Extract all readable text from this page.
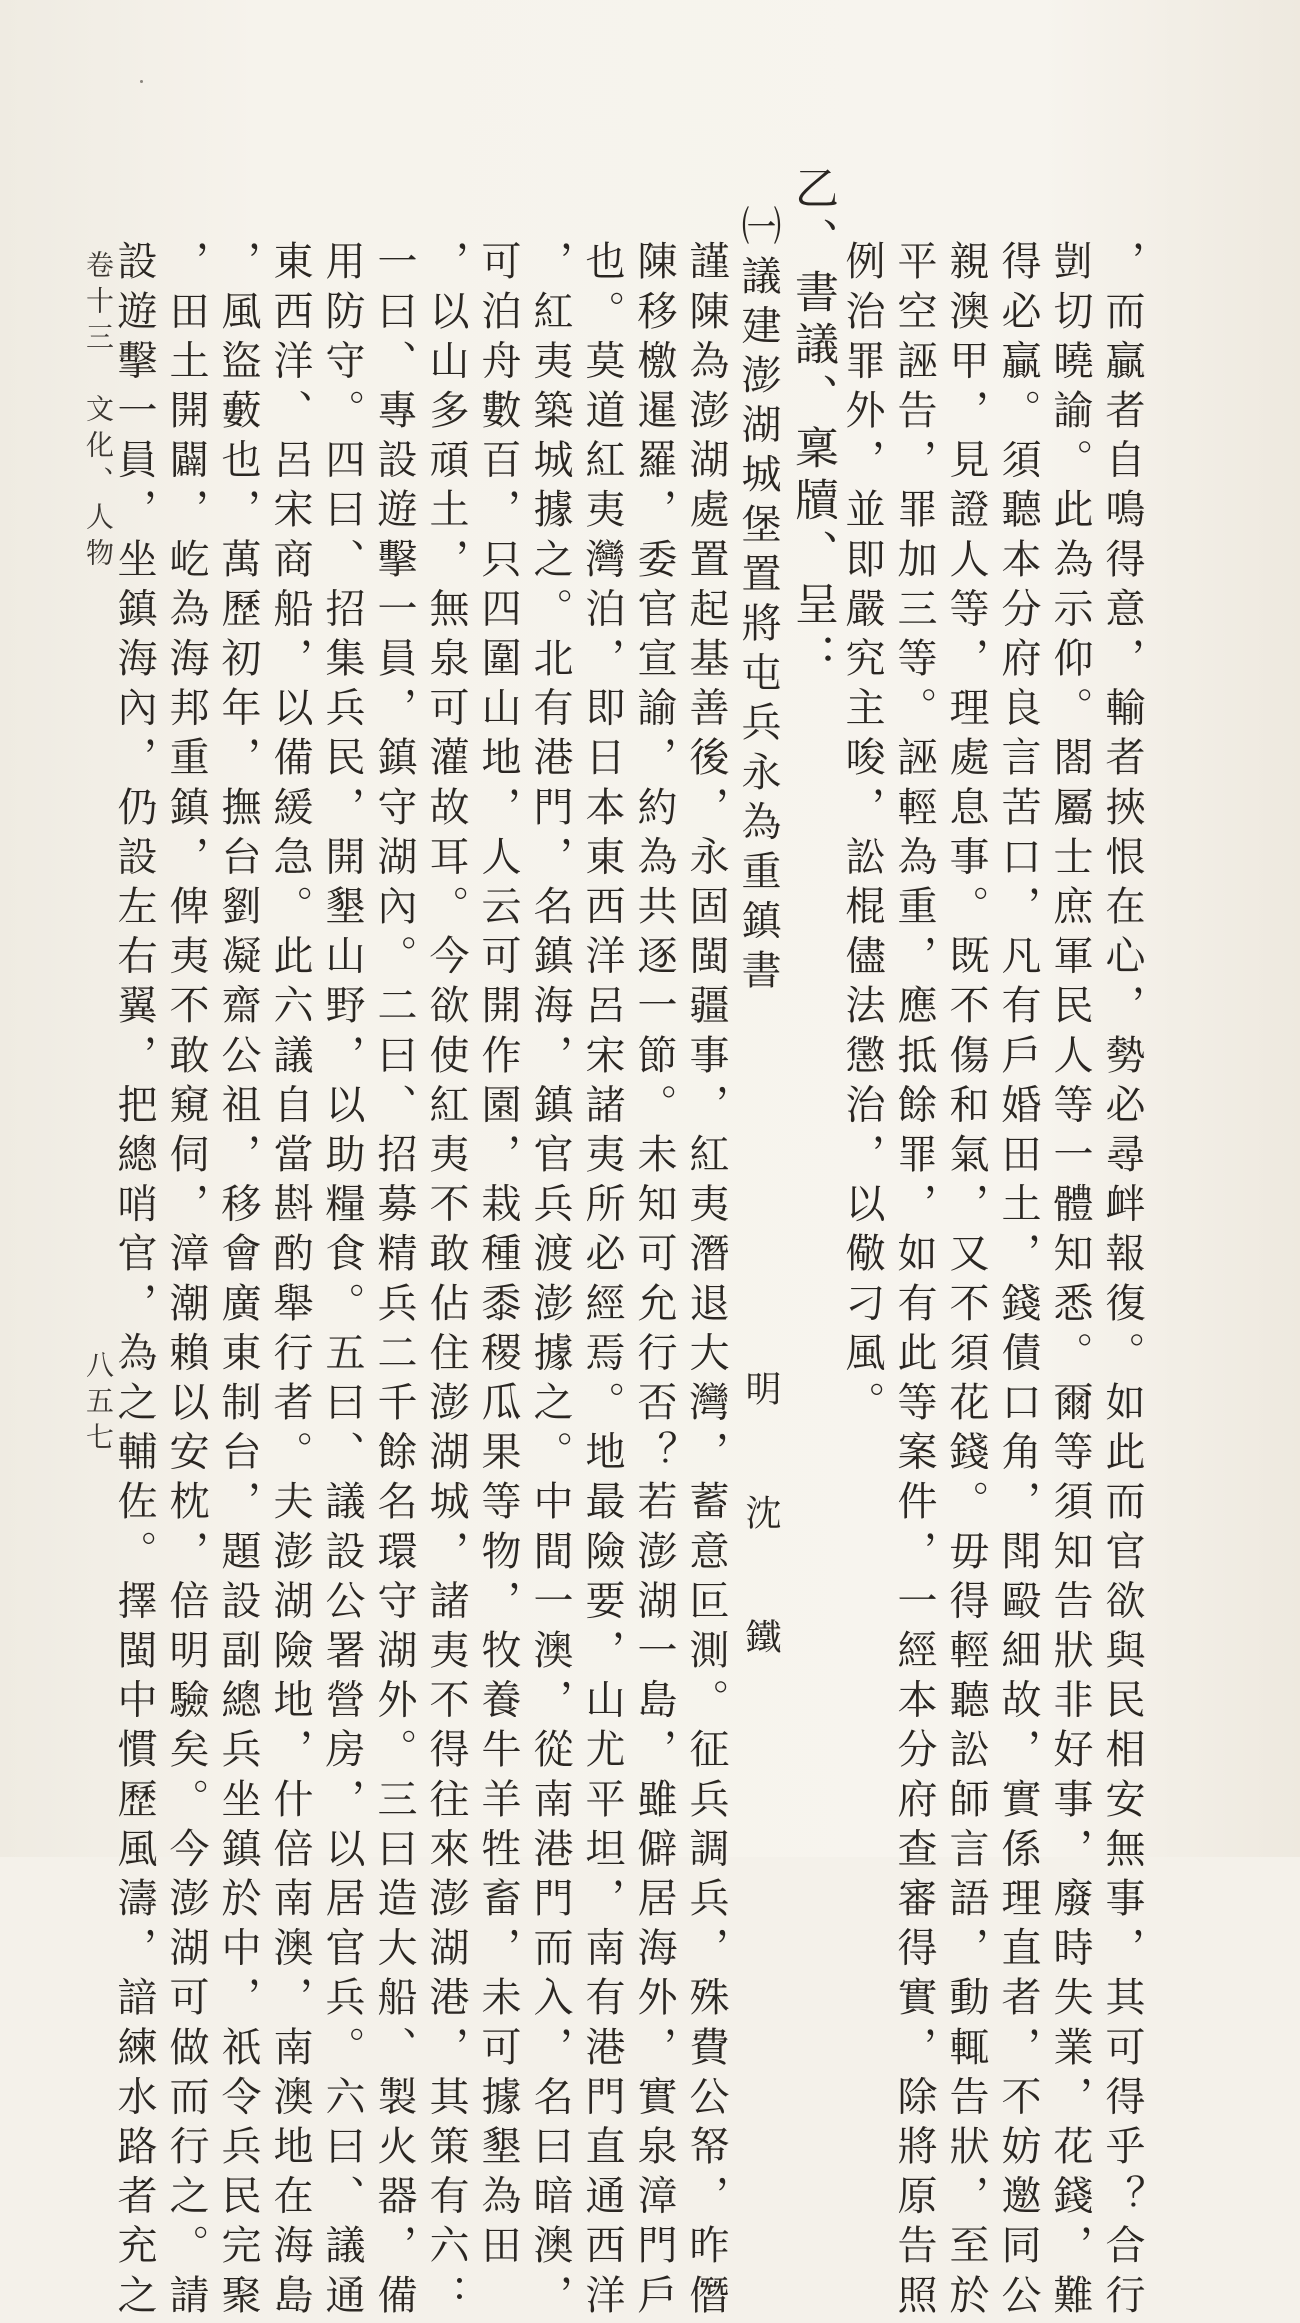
，而贏者自鳴得意，輸者挾恨在心，勢必尋衅報復。如此而官欲與民相安無事，其可得乎？合行
剴切曉諭。此為示仰。閤屬士庶軍民人等一體知悉。爾等須知告狀非好事，廢時失業，花錢，難
得必贏。須聽本分府良言苦口，凡有戶婚田土，錢債口角，閗毆細故，實係理直者，不妨邀同公
親澳甲，見證人等，理處息事。既不傷和氣，又不須花錢。毋得輕聽訟師言語，動輒告狀，至於
平空誣告，罪加三等。誣輕為重，應抵餘罪，如有此等案件，一經本分府查審得實，除將原告照
例治罪外，並即嚴究主唆，訟棍儘法懲治，以儆刁風。
乙、書議、稟牘、呈：
㈠議建澎湖城堡置將屯兵永為重鎮書
明　沈　鐵
謹陳為澎湖處置起基善後，永固閩疆事，紅夷潛退大灣，蓄意叵測。征兵調兵，殊費公帑，昨僭
陳移檄暹羅，委官宣諭，約為共逐一節。未知可允行否？若澎湖一島，雖僻居海外，實泉漳門戶
也。莫道紅夷灣泊，即日本東西洋呂宋諸夷所必經焉。地最險要，山尤平坦，南有港門直通西洋
，紅夷築城據之。北有港門，名鎮海，鎮官兵渡澎據之。中間一澳，從南港門而入，名曰暗澳，
可泊舟數百，只四圍山地，人云可開作園，栽種黍稷瓜果等物，牧養牛羊牲畜，未可據墾為田
，以山多頑土，無泉可灌故耳。今欲使紅夷不敢佔住澎湖城，諸夷不得往來澎湖港，其策有六：
一曰、專設遊擊一員，鎮守湖內。二曰、招募精兵二千餘名環守湖外。三曰造大船、製火器，備
用防守。四曰、招集兵民，開墾山野，以助糧食。五曰、議設公署營房，以居官兵。六曰、議通
東西洋、呂宋商船，以備緩急。此六議自當斟酌舉行者。夫澎湖險地，什倍南澳，南澳地在海島
，風盜藪也，萬歷初年，撫台劉凝齋公祖，移會廣東制台，題設副總兵坐鎮於中，祇令兵民完聚
，田土開闢，屹為海邦重鎮，俾夷不敢窺伺，漳潮賴以安枕，倍明驗矣。今澎湖可做而行之。請
設遊擊一員，坐鎮海內，仍設左右翼，把總哨官，為之輔佐。擇閩中慣歷風濤，諳練水路者充之
卷十三　文化、人物
八五七
